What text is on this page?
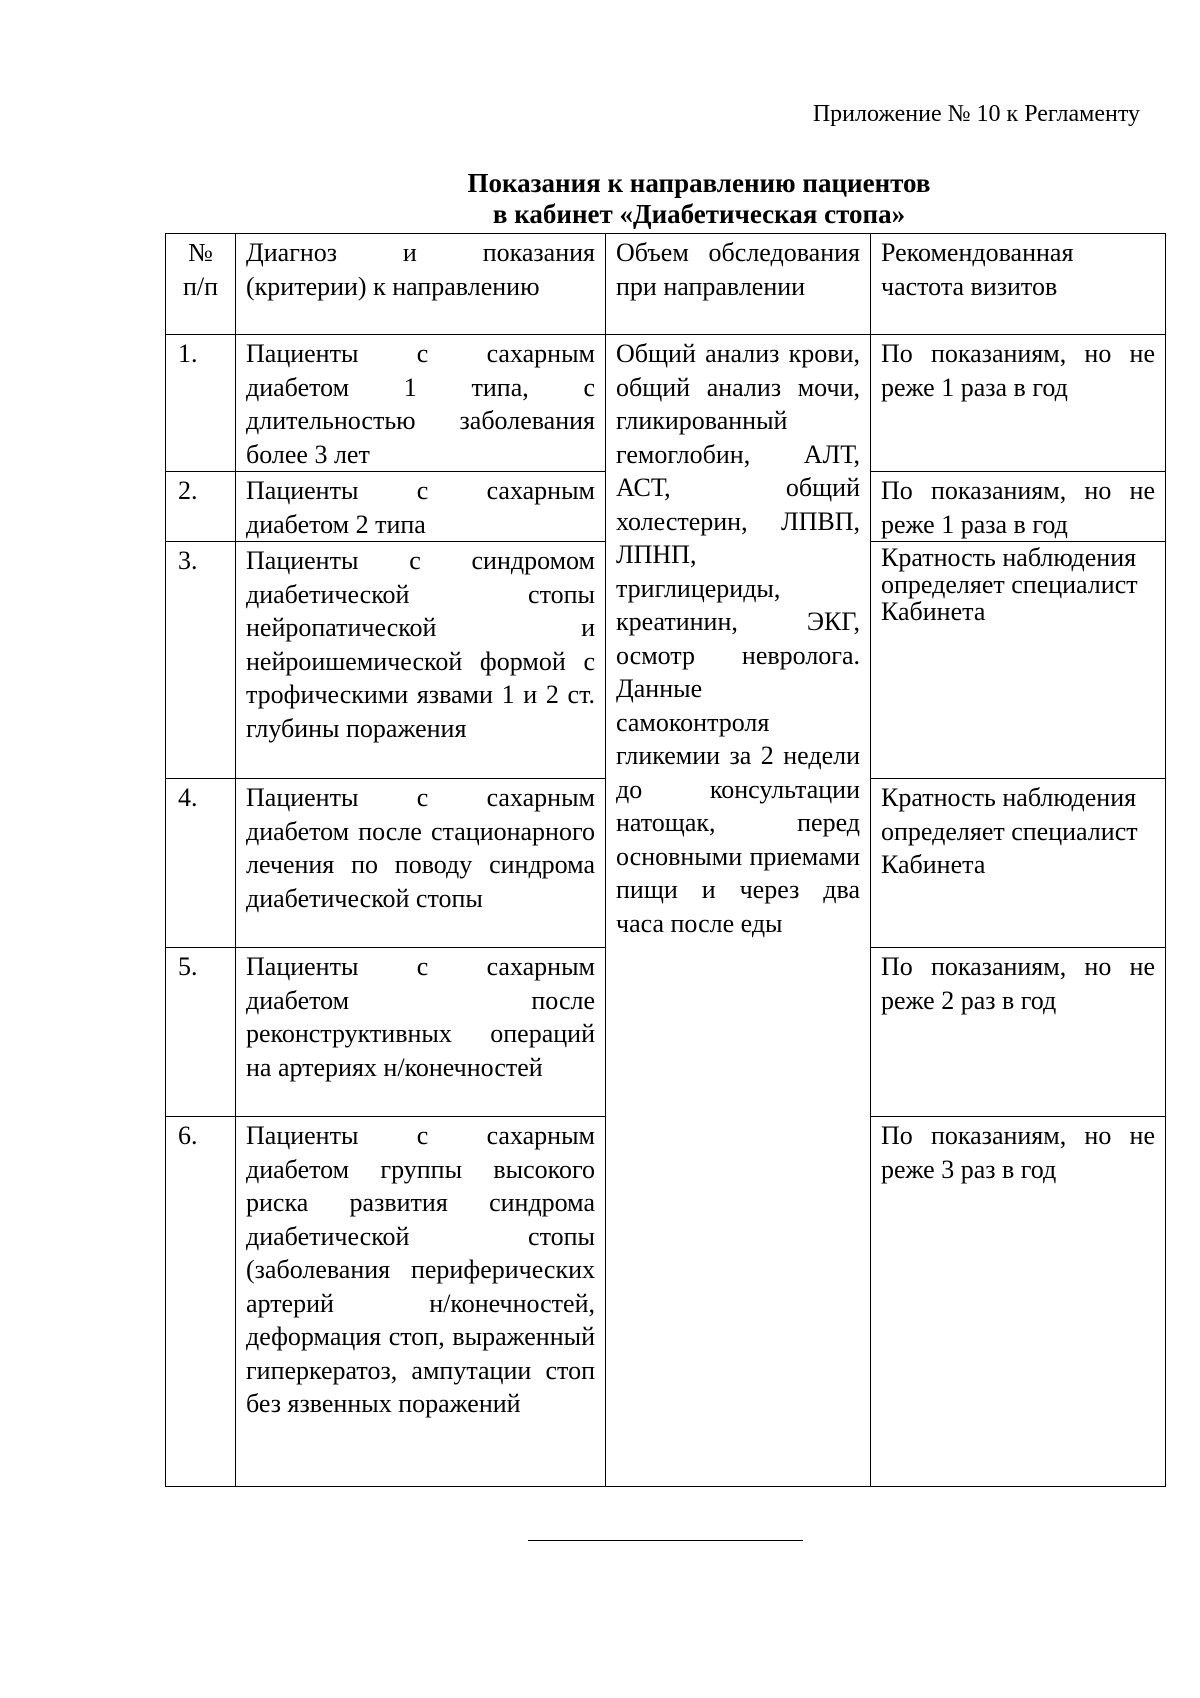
Приложение № 10 к Регламенту
Показания к направлению пациентов
в кабинет «Диабетическая стопа»
№ п/п	Диагноз и показания (критерии) к направлению	Объем обследования при направлении	Рекомендованная частота визитов
1.	Пациенты с сахарным диабетом 1 типа, с длительностью заболевания более 3 лет	Общий анализ крови, общий анализ мочи, гликированный гемоглобин, АЛТ, АСТ, общий холестерин, ЛПВП, ЛПНП, триглицериды, креатинин, ЭКГ, осмотр невролога. Данные самоконтроля гликемии за 2 недели до консультации натощак, перед основными приемами пищи и через два часа после еды	По показаниям, но не реже 1 раза в год
2.	Пациенты с сахарным диабетом 2 типа		По показаниям, но не реже 1 раза в год
3.	Пациенты с синдромом диабетической стопы нейропатической и нейроишемической формой с трофическими язвами 1 и 2 ст. глубины поражения		Кратность наблюдения определяет специалист Кабинета
4.	Пациенты с сахарным диабетом после стационарного лечения по поводу синдрома диабетической стопы		Кратность наблюдения определяет специалист Кабинета
5.	Пациенты с сахарным диабетом после реконструктивных операций на артериях н/конечностей		По показаниям, но не реже 2 раз в год
6.	Пациенты с сахарным диабетом группы высокого риска развития синдрома диабетической стопы (заболевания периферических артерий н/конечностей, деформация стоп, выраженный гиперкератоз, ампутации стоп без язвенных поражений		По показаниям, но не реже 3 раз в год
